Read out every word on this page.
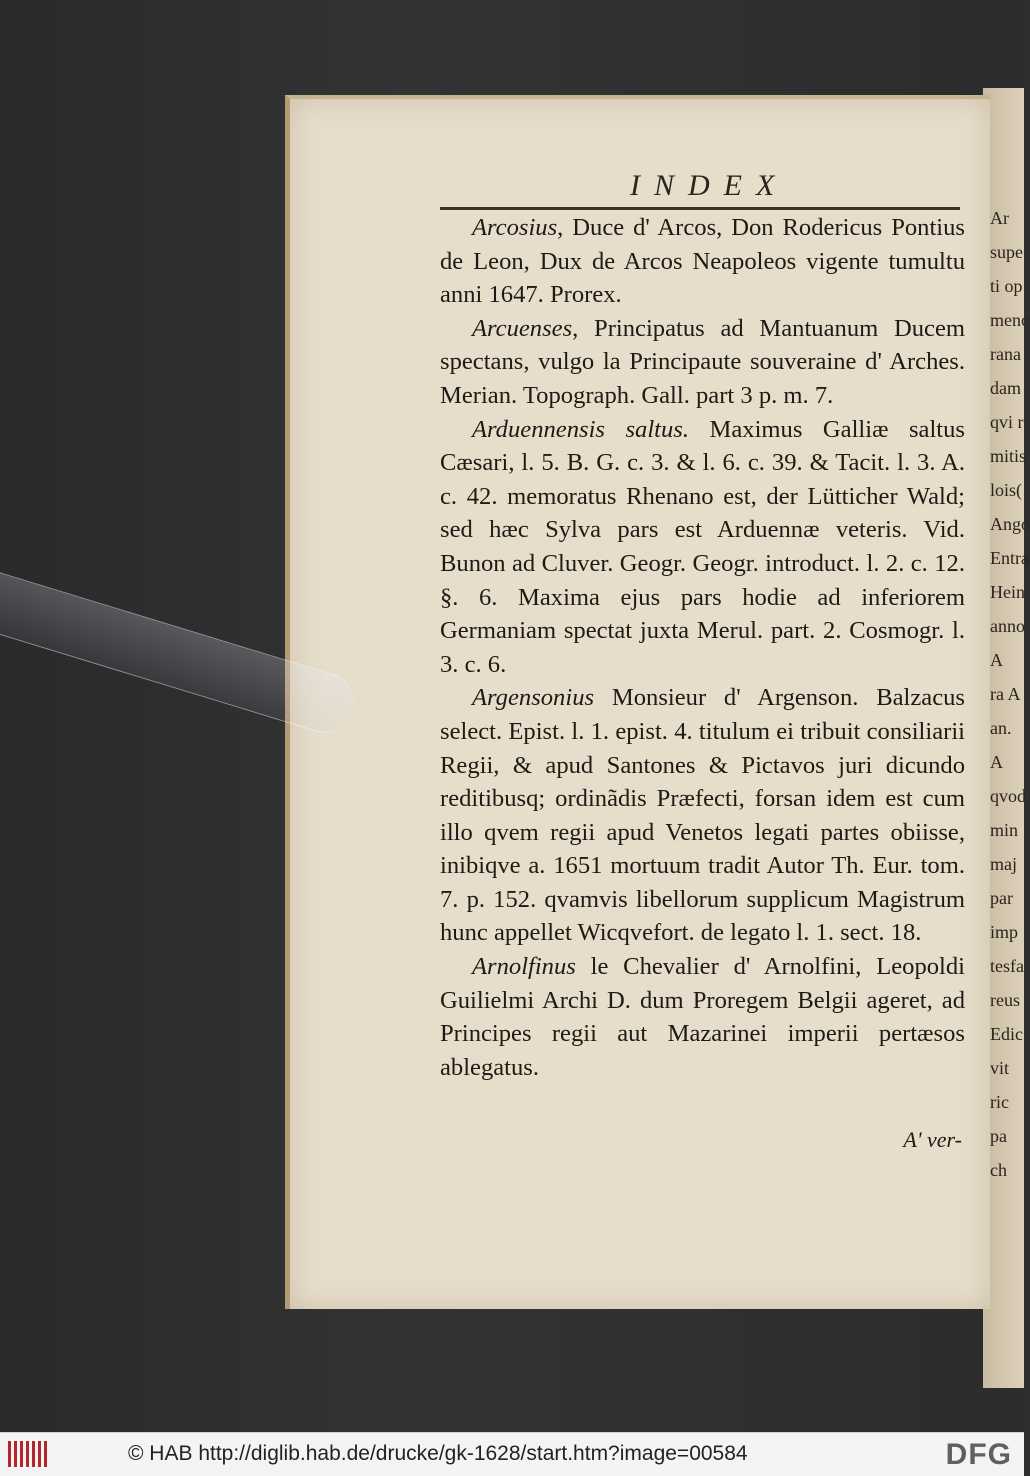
Ar
supe
ti op
menc
rana
dam
qvi r
mitis
lois(
Ango
Entra
Hein
anno
A
ra A
an.
A
qvod
min
maj
par
imp
tesfa
reus
Edic
vit
ric
pa
ch
INDEX

Arcosius, Duce d' Arcos, Don Rodericus Pontius de Leon, Dux de Arcos Neapoleos vigente tumultu anni 1647. Prorex.

Arcuenses, Principatus ad Mantuanum Ducem spectans, vulgo la Principaute souveraine d' Arches. Merian. Topograph. Gall. part 3 p. m. 7.

Arduennensis saltus. Maximus Galliæ saltus Cæsari, l. 5. B. G. c. 3. & l. 6. c. 39. & Tacit. l. 3. A. c. 42. memoratus Rhenano est, der Lütticher Wald; sed hæc Sylva pars est Arduennæ veteris. Vid. Bunon ad Cluver. Geogr. Geogr. introduct. l. 2. c. 12. §. 6. Maxima ejus pars hodie ad inferiorem Germaniam spectat juxta Merul. part. 2. Cosmogr. l. 3. c. 6.

Argensonius Monsieur d' Argenson. Balzacus select. Epist. l. 1. epist. 4. titulum ei tribuit consiliarii Regii, & apud Santones & Pictavos juri dicundo reditibusq; ordinãdis Præfecti, forsan idem est cum illo qvem regii apud Venetos legati partes obiisse, inibiqve a. 1651 mortuum tradit Autor Th. Eur. tom. 7. p. 152. qvamvis libellorum supplicum Magistrum hunc appellet Wicqvefort. de legato l. 1. sect. 18.

Arnolfinus le Chevalier d' Arnolfini, Leopoldi Guilielmi Archi D. dum Proregem Belgii ageret, ad Principes regii aut Mazarinei imperii pertæsos ablegatus.

A' ver-
© HAB http://diglib.hab.de/drucke/gk-1628/start.htm?image=00584	DFG
